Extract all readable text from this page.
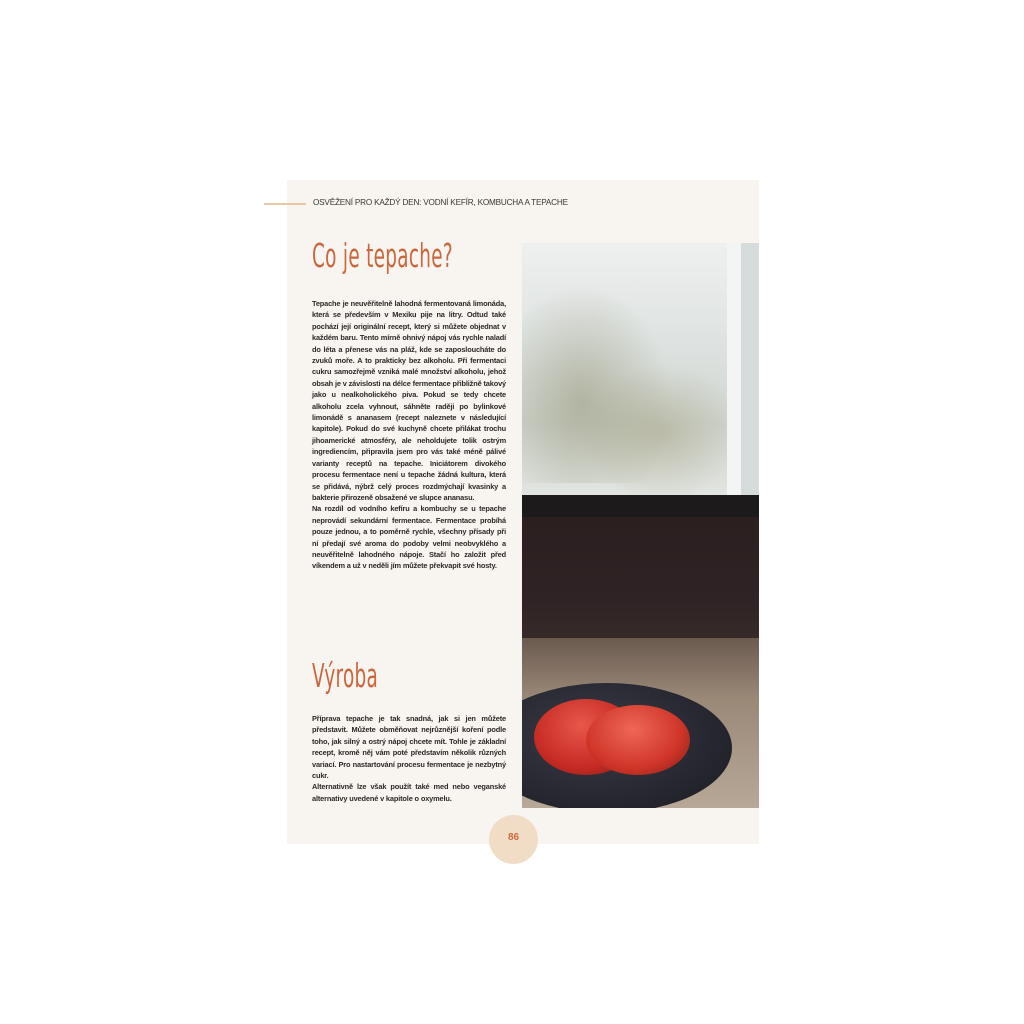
OSVĚŽENÍ PRO KAŽDÝ DEN: VODNÍ KEFÍR, KOMBUCHA A TEPACHE
Co je tepache?

Tepache je neuvěřitelně lahodná fermentovaná limonáda, která se především v Mexiku pije na litry. Odtud také pochází její originální recept, který si můžete objednat v každém baru. Tento mírně ohnivý nápoj vás rychle naladí do léta a přenese vás na pláž, kde se zaposloucháte do zvuků moře. A to prakticky bez alkoholu. Při fermentaci cukru samozřejmě vzniká malé množství alkoholu, jehož obsah je v závislosti na délce fermentace přibližně takový jako u nealkoholického piva. Pokud se tedy chcete alkoholu zcela vyhnout, sáhněte raději po bylinkové limonádě s ananasem (recept naleznete v následující kapitole). Pokud do své kuchyně chcete přilákat trochu jihoamerické atmosféry, ale neholdujete tolik ostrým ingrediencím, připravila jsem pro vás také méně pálivé varianty receptů na tepache. Iniciátorem divokého procesu fermentace není u tepache žádná kultura, která se přidává, nýbrž celý proces rozdmýchají kvasinky a bakterie přirozeně obsažené ve slupce ananasu.

Na rozdíl od vodního kefíru a kombuchy se u tepache neprovádí sekundární fermentace. Fermentace probíhá pouze jednou, a to poměrně rychle, všechny přísady při ní předají své aroma do podoby velmi neobvyklého a neuvěřitelně lahodného nápoje. Stačí ho založit před víkendem a už v neděli jím můžete překvapit své hosty.

Výroba

Příprava tepache je tak snadná, jak si jen můžete představit. Můžete obměňovat nejrůznější koření podle toho, jak silný a ostrý nápoj chcete mít. Tohle je základní recept, kromě něj vám poté představím několik různých variací. Pro nastartování procesu fermentace je nezbytný cukr.

Alternativně lze však použít také med nebo veganské alternativy uvedené v kapitole o oxymelu.

86
